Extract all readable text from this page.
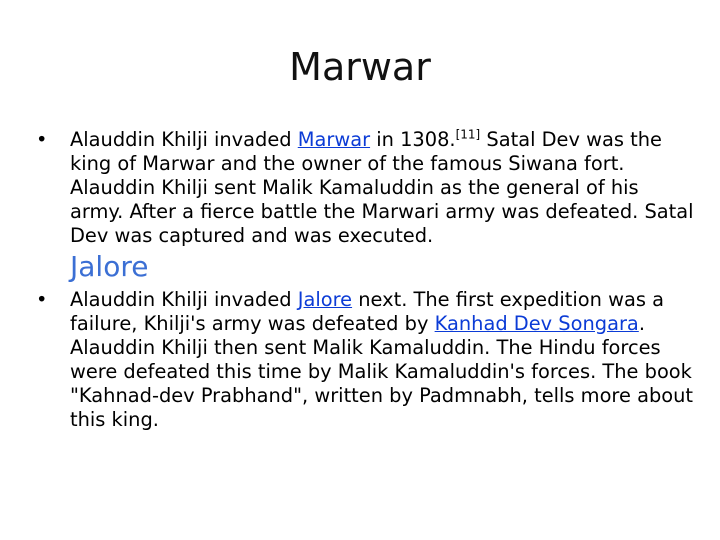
Marwar
•	Alauddin Khilji invaded Marwar in 1308.[11] Satal Dev was the king of Marwar and the owner of the famous Siwana fort. Alauddin Khilji sent Malik Kamaluddin as the general of his army. After a fierce battle the Marwari army was defeated. Satal Dev was captured and was executed.
Jalore
•	Alauddin Khilji invaded Jalore next. The first expedition was a failure, Khilji's army was defeated by Kanhad Dev Songara. Alauddin Khilji then sent Malik Kamaluddin. The Hindu forces were defeated this time by Malik Kamaluddin's forces. The book "Kahnad-dev Prabhand", written by Padmnabh, tells more about this king.
